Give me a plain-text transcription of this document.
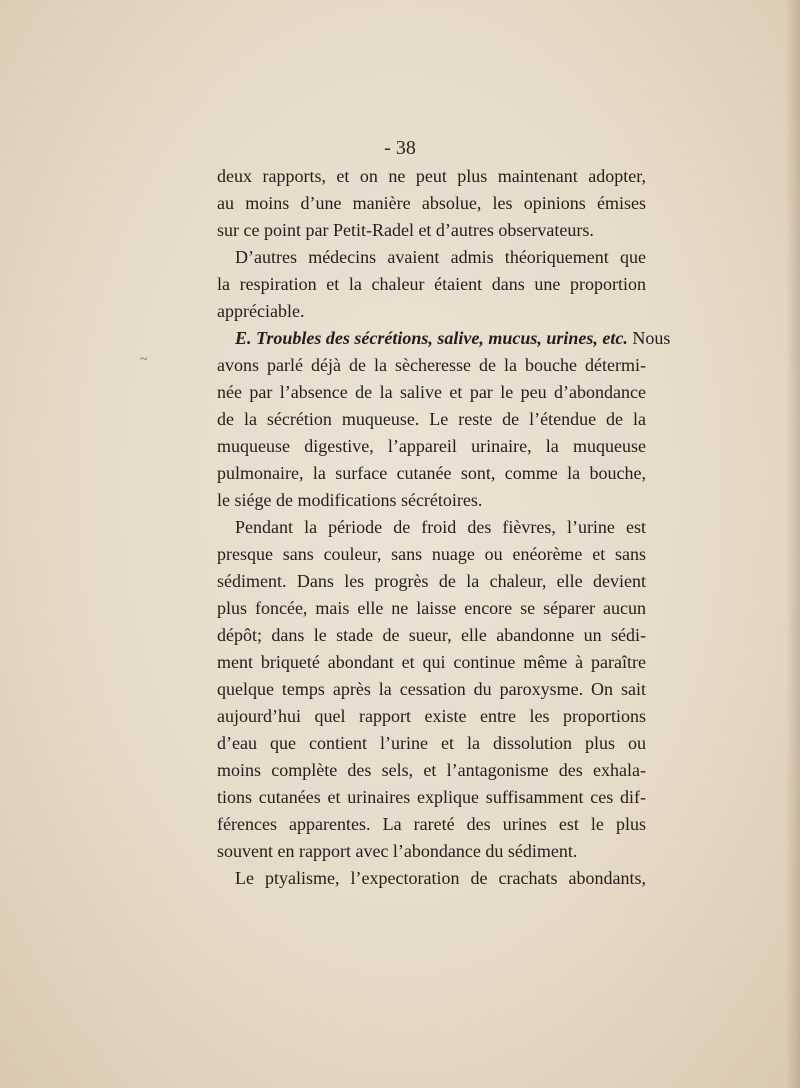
- 38
~
deux rapports, et on ne peut plus maintenant adopter,
au moins d’une manière absolue, les opinions émises
sur ce point par Petit-Radel et d’autres observateurs.
D’autres médecins avaient admis théoriquement que
la respiration et la chaleur étaient dans une proportion
appréciable.
E. Troubles des sécrétions, salive, mucus, urines, etc. Nous
avons parlé déjà de la sècheresse de la bouche détermi-
née par l’absence de la salive et par le peu d’abondance
de la sécrétion muqueuse. Le reste de l’étendue de la
muqueuse digestive, l’appareil urinaire, la muqueuse
pulmonaire, la surface cutanée sont, comme la bouche,
le siége de modifications sécrétoires.
Pendant la période de froid des fièvres, l’urine est
presque sans couleur, sans nuage ou enéorème et sans
sédiment. Dans les progrès de la chaleur, elle devient
plus foncée, mais elle ne laisse encore se séparer aucun
dépôt; dans le stade de sueur, elle abandonne un sédi-
ment briqueté abondant et qui continue même à paraître
quelque temps après la cessation du paroxysme. On sait
aujourd’hui quel rapport existe entre les proportions
d’eau que contient l’urine et la dissolution plus ou
moins complète des sels, et l’antagonisme des exhala-
tions cutanées et urinaires explique suffisamment ces dif-
férences apparentes. La rareté des urines est le plus
souvent en rapport avec l’abondance du sédiment.
Le ptyalisme, l’expectoration de crachats abondants,
